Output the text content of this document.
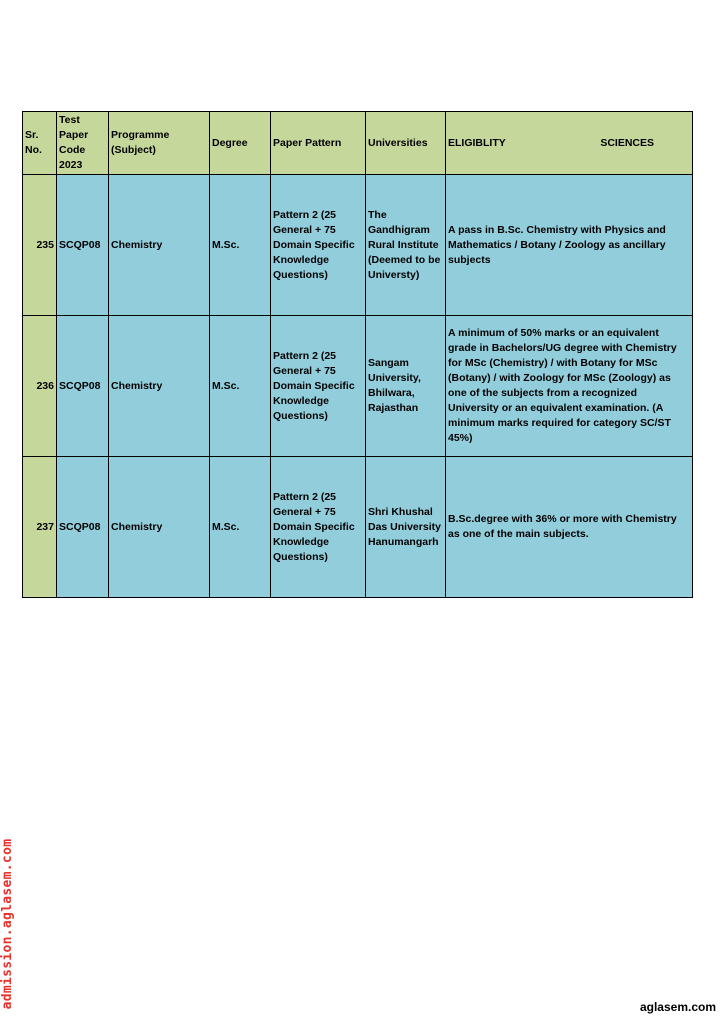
Sr. No.	Test Paper Code 2023	Programme (Subject)	Degree	Paper Pattern	Universities	ELIGIBLITY SCIENCES

235	SCQP08	Chemistry	M.Sc.	Pattern 2 (25 General + 75 Domain Specific Knowledge Questions)	The Gandhigram Rural Institute (Deemed to be Universty)	A pass in B.Sc. Chemistry with Physics and Mathematics / Botany / Zoology as ancillary subjects
236	SCQP08	Chemistry	M.Sc.	Pattern 2 (25 General + 75 Domain Specific Knowledge Questions)	Sangam University, Bhilwara, Rajasthan	A minimum of 50% marks or an equivalent grade in Bachelors/UG degree with Chemistry for MSc (Chemistry) / with Botany for MSc (Botany) / with Zoology for MSc (Zoology) as one of the subjects from a recognized University or an equivalent examination. (A minimum marks required for category SC/ST 45%)
237	SCQP08	Chemistry	M.Sc.	Pattern 2 (25 General + 75 Domain Specific Knowledge Questions)	Shri Khushal Das University Hanumangarh	B.Sc.degree with 36% or more with Chemistry as one of the main subjects.
admission.aglasem.com	aglasem.com
